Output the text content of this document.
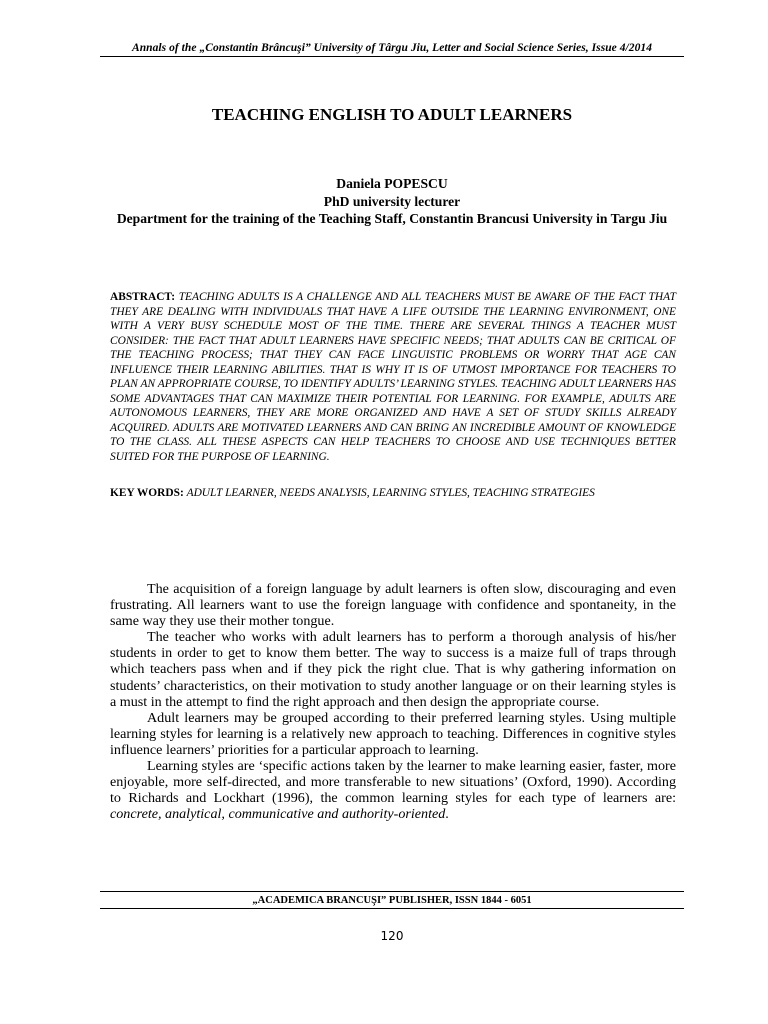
Annals of the „Constantin Brâncuşi” University of Târgu Jiu, Letter and Social Science Series, Issue 4/2014
TEACHING ENGLISH TO ADULT LEARNERS
Daniela POPESCU
PhD university lecturer
Department for the training of the Teaching Staff, Constantin Brancusi University in Targu Jiu
ABSTRACT: TEACHING ADULTS IS A CHALLENGE AND ALL TEACHERS MUST BE AWARE OF THE FACT THAT THEY ARE DEALING WITH INDIVIDUALS THAT HAVE A LIFE OUTSIDE THE LEARNING ENVIRONMENT, ONE WITH A VERY BUSY SCHEDULE MOST OF THE TIME. THERE ARE SEVERAL THINGS A TEACHER MUST CONSIDER: THE FACT THAT ADULT LEARNERS HAVE SPECIFIC NEEDS; THAT ADULTS CAN BE CRITICAL OF THE TEACHING PROCESS; THAT THEY CAN FACE LINGUISTIC PROBLEMS OR WORRY THAT AGE CAN INFLUENCE THEIR LEARNING ABILITIES. THAT IS WHY IT IS OF UTMOST IMPORTANCE FOR TEACHERS TO PLAN AN APPROPRIATE COURSE, TO IDENTIFY ADULTS’ LEARNING STYLES. TEACHING ADULT LEARNERS HAS SOME ADVANTAGES THAT CAN MAXIMIZE THEIR POTENTIAL FOR LEARNING. FOR EXAMPLE, ADULTS ARE AUTONOMOUS LEARNERS, THEY ARE MORE ORGANIZED AND HAVE A SET OF STUDY SKILLS ALREADY ACQUIRED. ADULTS ARE MOTIVATED LEARNERS AND CAN BRING AN INCREDIBLE AMOUNT OF KNOWLEDGE TO THE CLASS. ALL THESE ASPECTS CAN HELP TEACHERS TO CHOOSE AND USE TECHNIQUES BETTER SUITED FOR THE PURPOSE OF LEARNING.
KEY WORDS: ADULT LEARNER, NEEDS ANALYSIS, LEARNING STYLES, TEACHING STRATEGIES

The acquisition of a foreign language by adult learners is often slow, discouraging and even frustrating. All learners want to use the foreign language with confidence and spontaneity, in the same way they use their mother tongue.

The teacher who works with adult learners has to perform a thorough analysis of his/her students in order to get to know them better. The way to success is a maize full of traps through which teachers pass when and if they pick the right clue. That is why gathering information on students’ characteristics, on their motivation to study another language or on their learning styles is a must in the attempt to find the right approach and then design the appropriate course.

Adult learners may be grouped according to their preferred learning styles. Using multiple learning styles for learning is a relatively new approach to teaching. Differences in cognitive styles influence learners’ priorities for a particular approach to learning.

Learning styles are ‘specific actions taken by the learner to make learning easier, faster, more enjoyable, more self-directed, and more transferable to new situations’ (Oxford, 1990). According to Richards and Lockhart (1996), the common learning styles for each type of learners are: concrete, analytical, communicative and authority-oriented.

„ACADEMICA BRANCUŞI” PUBLISHER, ISSN 1844 - 6051
120
